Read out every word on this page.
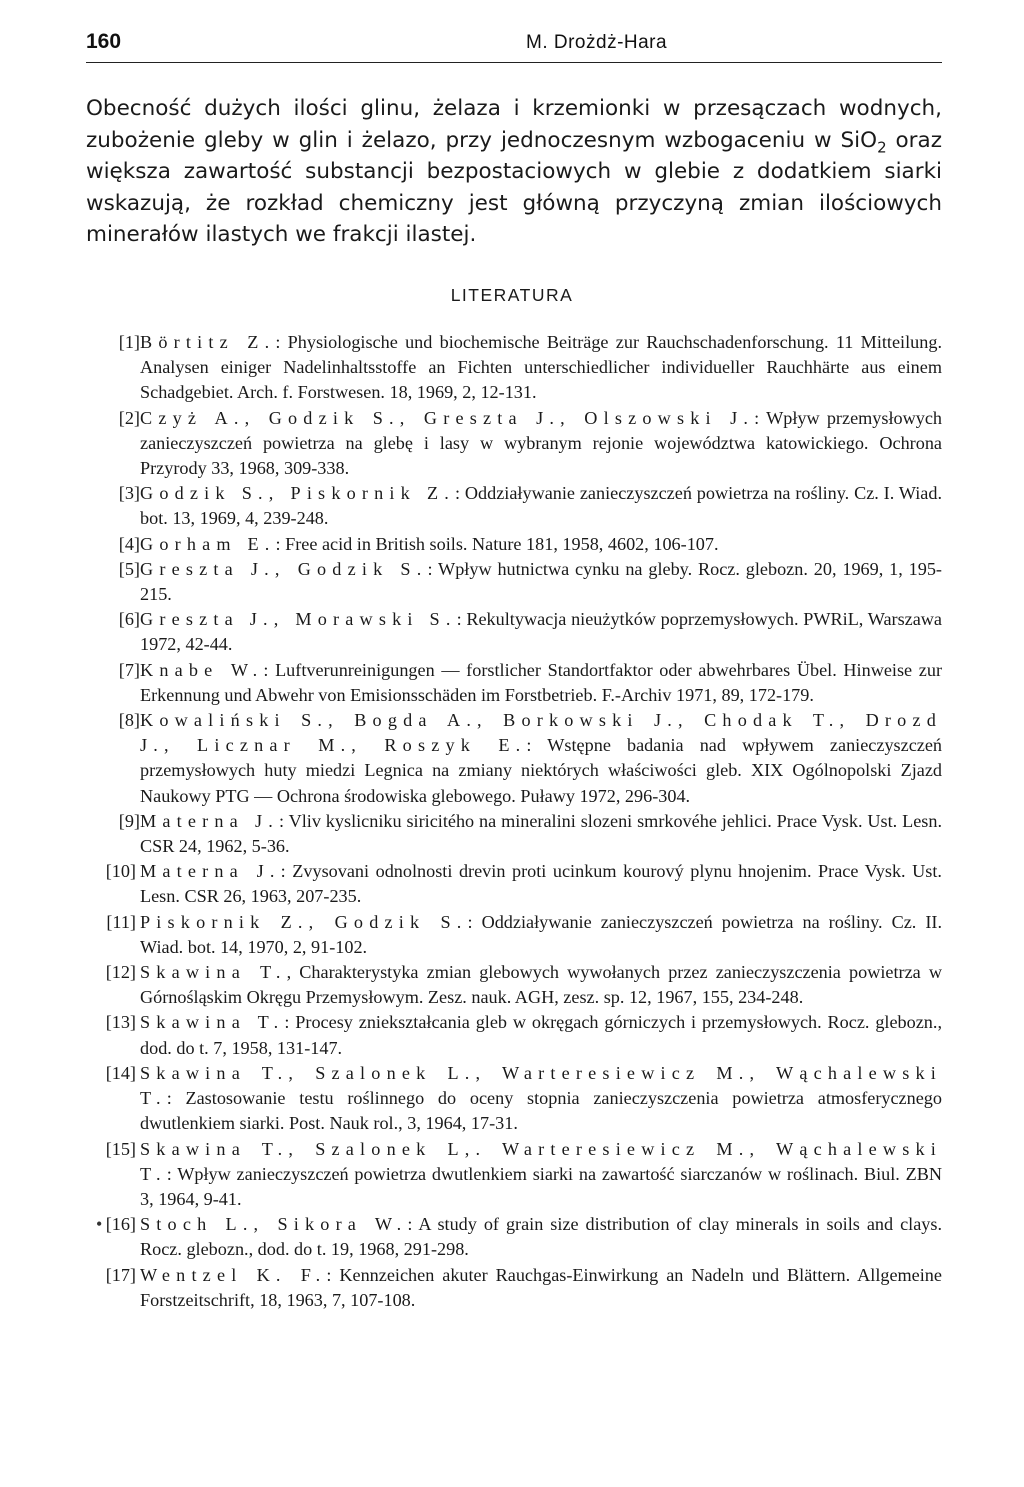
160	M. Drożdż-Hara

Obecność dużych ilości glinu, żelaza i krzemionki w przesączach wodnych, zubożenie gleby w glin i żelazo, przy jednoczesnym wzbogaceniu w SiO$_2$ oraz większa zawartość substancji bezpostaciowych w glebie z dodatkiem siarki wskazują, że rozkład chemiczny jest główną przyczyną zmian ilościowych minerałów ilastych we frakcji ilastej.

LITERATURA
[1] Börtitz Z.: Physiologische und biochemische Beiträge zur Rauchschadenforschung. 11 Mitteilung. Analysen einiger Nadelinhaltsstoffe an Fichten unterschiedlicher individueller Rauchhärte aus einem Schadgebiet. Arch. f. Forstwesen. 18, 1969, 2, 12-131.
[2] Czyż A., Godzik S., Greszta J., Olszowski J.: Wpływ przemysłowych zanieczyszczeń powietrza na glebę i lasy w wybranym rejonie województwa katowickiego. Ochrona Przyrody 33, 1968, 309-338.
[3] Godzik S., Piskornik Z.: Oddziaływanie zanieczyszczeń powietrza na rośliny. Cz. I. Wiad. bot. 13, 1969, 4, 239-248.
[4] Gorham E.: Free acid in British soils. Nature 181, 1958, 4602, 106-107.
[5] Greszta J., Godzik S.: Wpływ hutnictwa cynku na gleby. Rocz. glebozn. 20, 1969, 1, 195-215.
[6] Greszta J., Morawski S.: Rekultywacja nieużytków poprzemysłowych. PWRiL, Warszawa 1972, 42-44.
[7] Knabe W.: Luftverunreinigungen — forstlicher Standortfaktor oder abwehrbares Übel. Hinweise zur Erkennung und Abwehr von Emisionsschäden im Forstbetrieb. F.-Archiv 1971, 89, 172-179.
[8] Kowaliński S., Bogda A., Borkowski J., Chodak T., Drozd J., Licznar M., Roszyk E.: Wstępne badania nad wpływem zanieczyszczeń przemysłowych huty miedzi Legnica na zmiany niektórych właściwości gleb. XIX Ogólnopolski Zjazd Naukowy PTG — Ochrona środowiska glebowego. Puławy 1972, 296-304.
[9] Materna J.: Vliv kyslicniku siricitého na mineralini slozeni smrkovéhe jehlici. Prace Vysk. Ust. Lesn. CSR 24, 1962, 5-36.
[10] Materna J.: Zvysovani odnolnosti drevin proti ucinkum kourový plynu hnojenim. Prace Vysk. Ust. Lesn. CSR 26, 1963, 207-235.
[11] Piskornik Z., Godzik S.: Oddziaływanie zanieczyszczeń powietrza na rośliny. Cz. II. Wiad. bot. 14, 1970, 2, 91-102.
[12] Skawina T., Charakterystyka zmian glebowych wywołanych przez zanieczyszczenia powietrza w Górnośląskim Okręgu Przemysłowym. Zesz. nauk. AGH, zesz. sp. 12, 1967, 155, 234-248.
[13] Skawina T.: Procesy zniekształcania gleb w okręgach górniczych i przemysłowych. Rocz. glebozn., dod. do t. 7, 1958, 131-147.
[14] Skawina T., Szalonek L., Warteresiewicz M., Wąchalewski T.: Zastosowanie testu roślinnego do oceny stopnia zanieczyszczenia powietrza atmosferycznego dwutlenkiem siarki. Post. Nauk rol., 3, 1964, 17-31.
[15] Skawina T., Szalonek L,. Warteresiewicz M., Wąchalewski T.: Wpływ zanieczyszczeń powietrza dwutlenkiem siarki na zawartość siarczanów w roślinach. Biul. ZBN 3, 1964, 9-41.
[16] Stoch L., Sikora W.: A study of grain size distribution of clay minerals in soils and clays. Rocz. glebozn., dod. do t. 19, 1968, 291-298.
[17] Wentzel K. F.: Kennzeichen akuter Rauchgas-Einwirkung an Nadeln und Blättern. Allgemeine Forstzeitschrift, 18, 1963, 7, 107-108.
•
